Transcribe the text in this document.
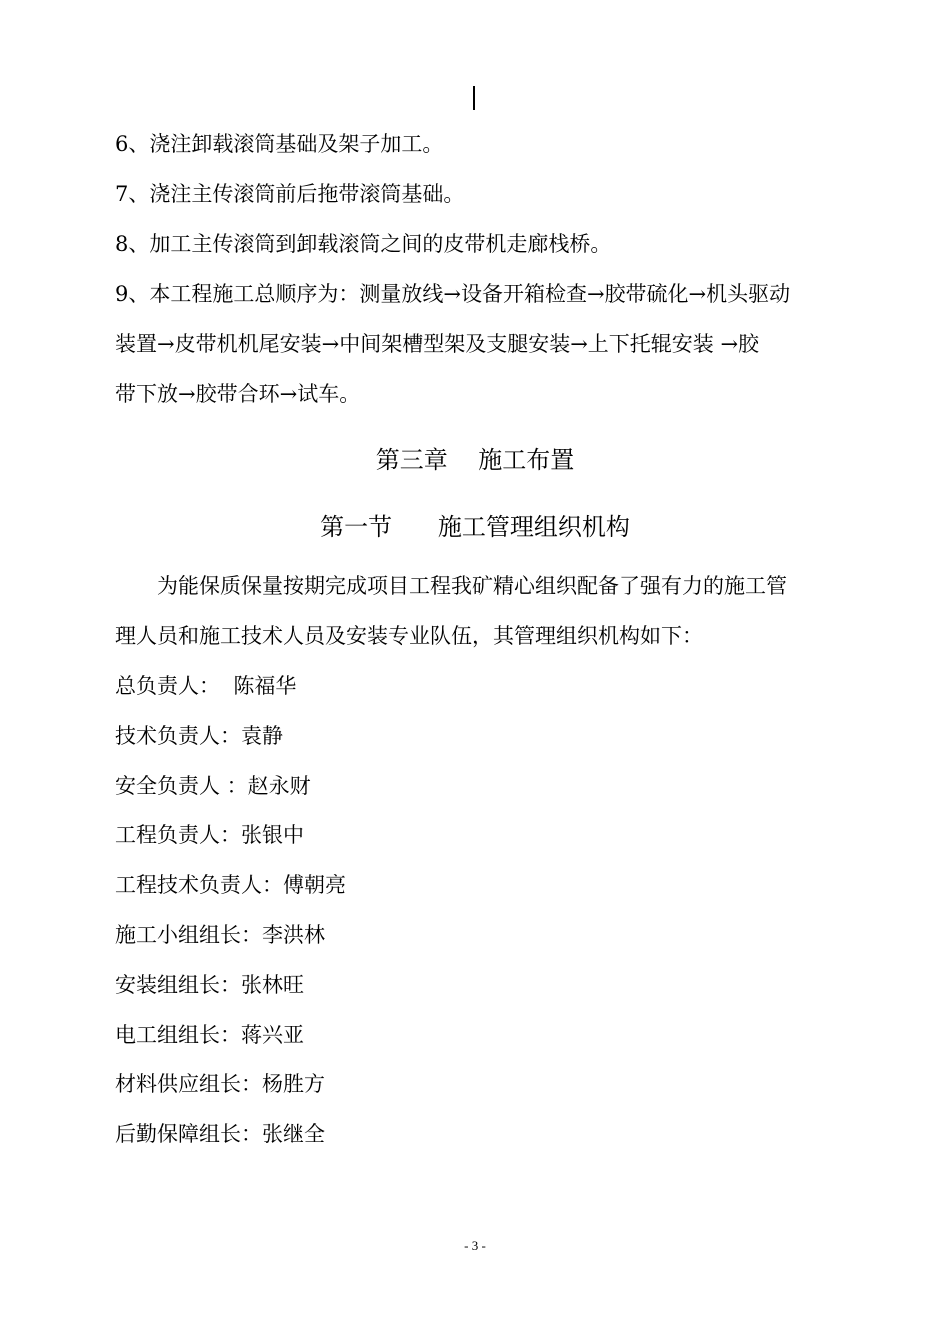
6、浇注卸载滚筒基础及架子加工。
7、浇注主传滚筒前后拖带滚筒基础。
8、加工主传滚筒到卸载滚筒之间的皮带机走廊栈桥。
9、本工程施工总顺序为：测量放线→设备开箱检查→胶带硫化→机头驱动
装置→皮带机机尾安装→中间架槽型架及支腿安装→上下托辊安装 →胶
带下放→胶带合环→试车。
第三章    施工布置
第一节      施工管理组织机构
为能保质保量按期完成项目工程我矿精心组织配备了强有力的施工管
理人员和施工技术人员及安装专业队伍，其管理组织机构如下：
总负责人：  陈福华
技术负责人：袁静
安全负责人 ：赵永财
工程负责人：张银中
工程技术负责人：傅朝亮
施工小组组长：李洪林
安装组组长：张林旺
电工组组长：蒋兴亚
材料供应组长：杨胜方
后勤保障组长：张继全
- 3 -
